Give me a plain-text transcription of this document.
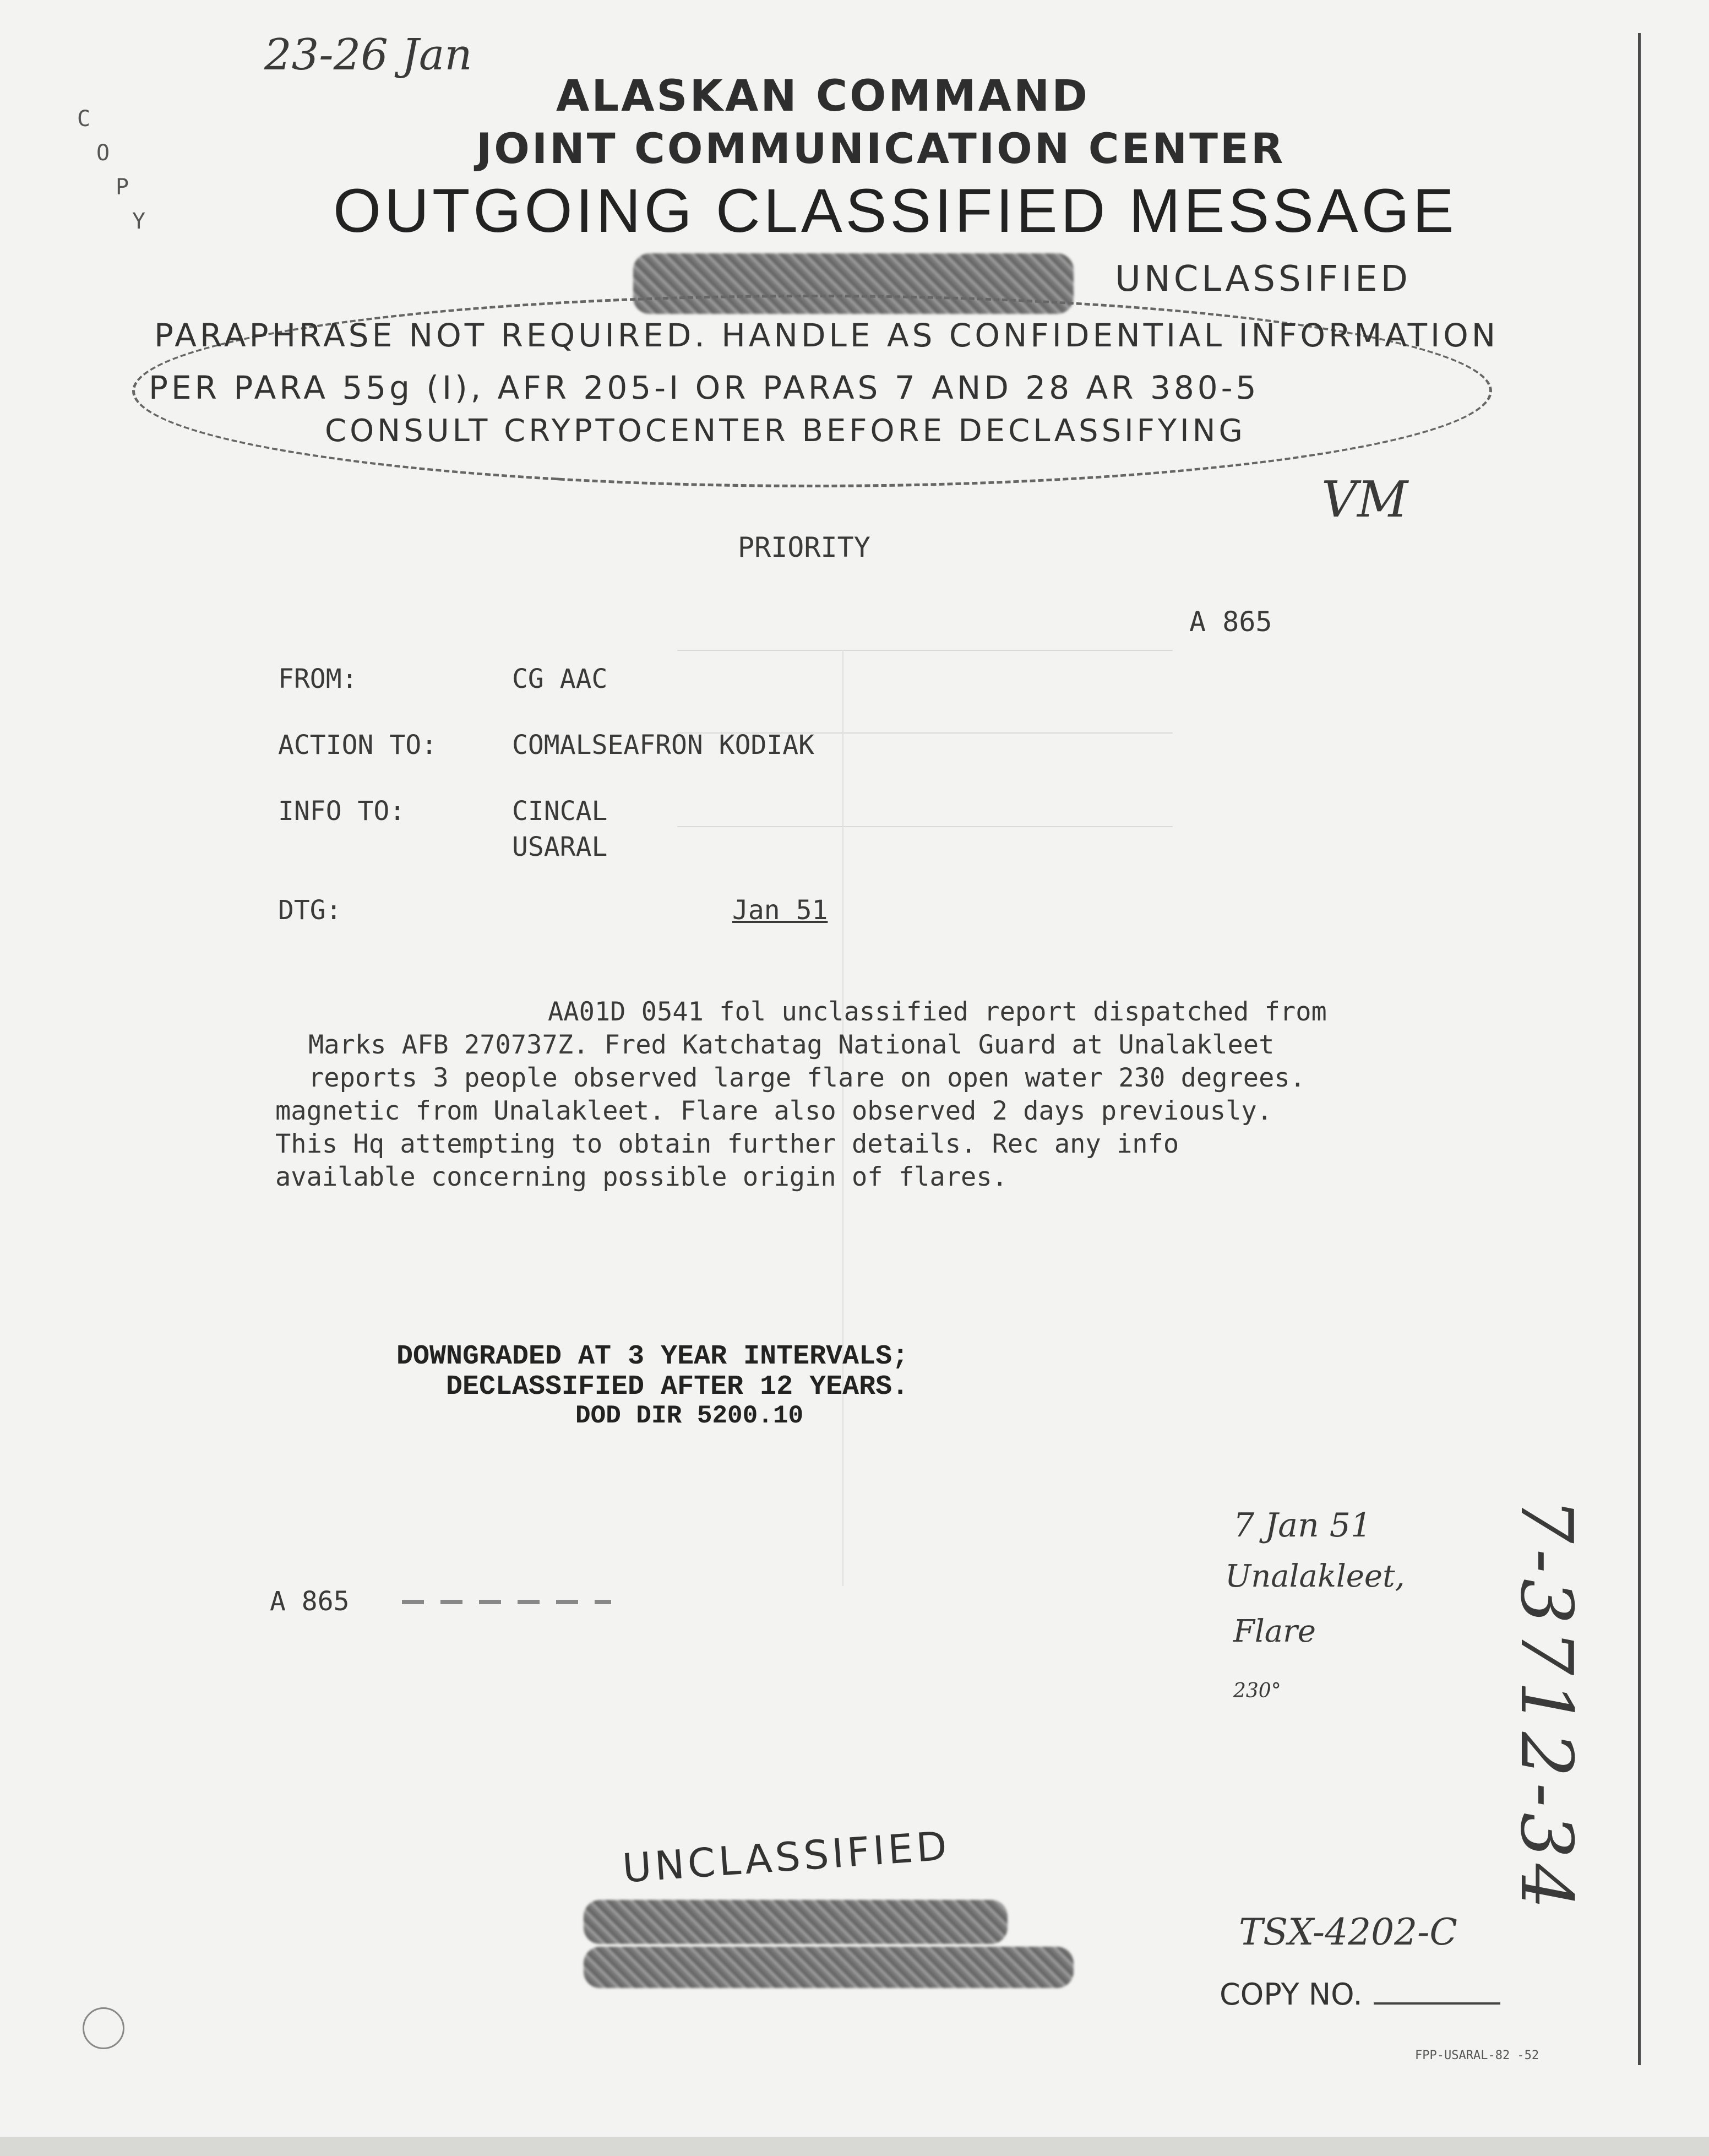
23-26 Jan
C
O
P
Y
ALASKAN COMMAND
JOINT COMMUNICATION CENTER
OUTGOING CLASSIFIED MESSAGE
UNCLASSIFIED
PARAPHRASE NOT REQUIRED. HANDLE AS CONFIDENTIAL INFORMATION
PER PARA 55g (I), AFR 205-I OR PARAS 7 AND 28 AR 380-5
CONSULT CRYPTOCENTER BEFORE DECLASSIFYING
VM
PRIORITY
A 865
FROM:	CG AAC
ACTION TO:	COMALSEAFRON KODIAK
INFO TO:	CINCAL
USARAL
DTG:	Jan 51
AA01D 0541 fol unclassified report dispatched from
Marks AFB 270737Z. Fred Katchatag National Guard at Unalakleet
reports 3 people observed large flare on open water 230 degrees.
magnetic from Unalakleet. Flare also observed 2 days previously.
This Hq attempting to obtain further details. Rec any info
available concerning possible origin of flares.
DOWNGRADED AT 3 YEAR INTERVALS;
DECLASSIFIED AFTER 12 YEARS.
DOD DIR 5200.10
A 865
7 Jan 51
Unalakleet,
Flare
230°	7-3712-34
UNCLASSIFIED
TSX-4202-C
COPY NO.
FPP-USARAL-82 -52
